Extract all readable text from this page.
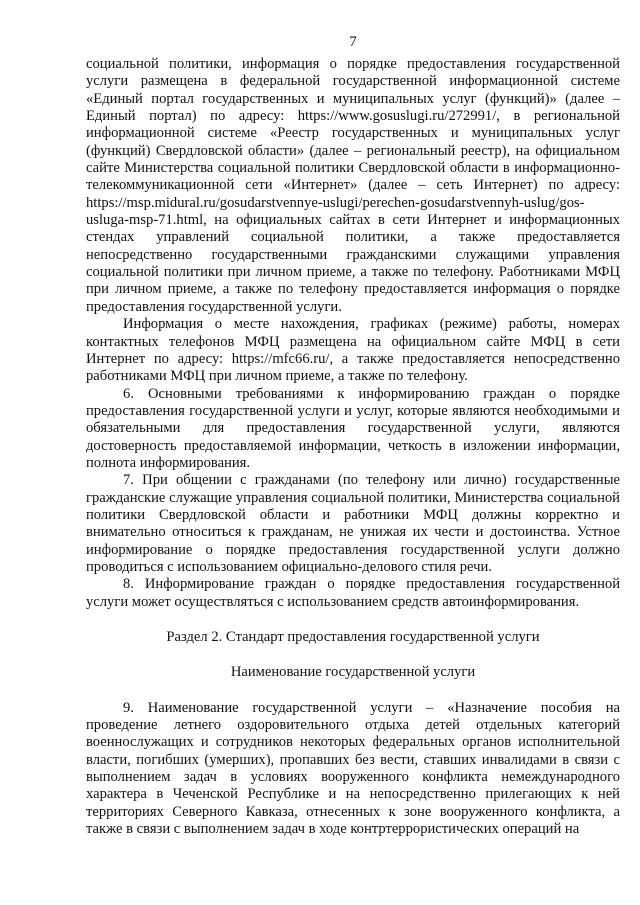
7

социальной политики, информация о порядке предоставления государственной услуги размещена в федеральной государственной информационной системе «Единый портал государственных и муниципальных услуг (функций)» (далее – Единый портал) по адресу: https://www.gosuslugi.ru/272991/, в региональной информационной системе «Реестр государственных и муниципальных услуг (функций) Свердловской области» (далее – региональный реестр), на официальном сайте Министерства социальной политики Свердловской области в информационно-телекоммуникационной сети «Интернет» (далее – сеть Интернет) по адресу: https://msp.midural.ru/gosudarstvennye-uslugi/perechen-gosudarstvennyh-uslug/gos-usluga-msp-71.html, на официальных сайтах в сети Интернет и информационных стендах управлений социальной политики, а также предоставляется непосредственно государственными гражданскими служащими управления социальной политики при личном приеме, а также по телефону. Работниками МФЦ при личном приеме, а также по телефону предоставляется информация о порядке предоставления государственной услуги.

Информация о месте нахождения, графиках (режиме) работы, номерах контактных телефонов МФЦ размещена на официальном сайте МФЦ в сети Интернет по адресу: https://mfc66.ru/, а также предоставляется непосредственно работниками МФЦ при личном приеме, а также по телефону.

6. Основными требованиями к информированию граждан о порядке предоставления государственной услуги и услуг, которые являются необходимыми и обязательными для предоставления государственной услуги, являются достоверность предоставляемой информации, четкость в изложении информации, полнота информирования.

7. При общении с гражданами (по телефону или лично) государственные гражданские служащие управления социальной политики, Министерства социальной политики Свердловской области и работники МФЦ должны корректно и внимательно относиться к гражданам, не унижая их чести и достоинства. Устное информирование о порядке предоставления государственной услуги должно проводиться с использованием официально-делового стиля речи.

8. Информирование граждан о порядке предоставления государственной услуги может осуществляться с использованием средств автоинформирования.

Раздел 2. Стандарт предоставления государственной услуги

Наименование государственной услуги

9. Наименование государственной услуги – «Назначение пособия на проведение летнего оздоровительного отдыха детей отдельных категорий военнослужащих и сотрудников некоторых федеральных органов исполнительной власти, погибших (умерших), пропавших без вести, ставших инвалидами в связи с выполнением задач в условиях вооруженного конфликта немеждународного характера в Чеченской Республике и на непосредственно прилегающих к ней территориях Северного Кавказа, отнесенных к зоне вооруженного конфликта, а также в связи с выполнением задач в ходе контртеррористических операций на
